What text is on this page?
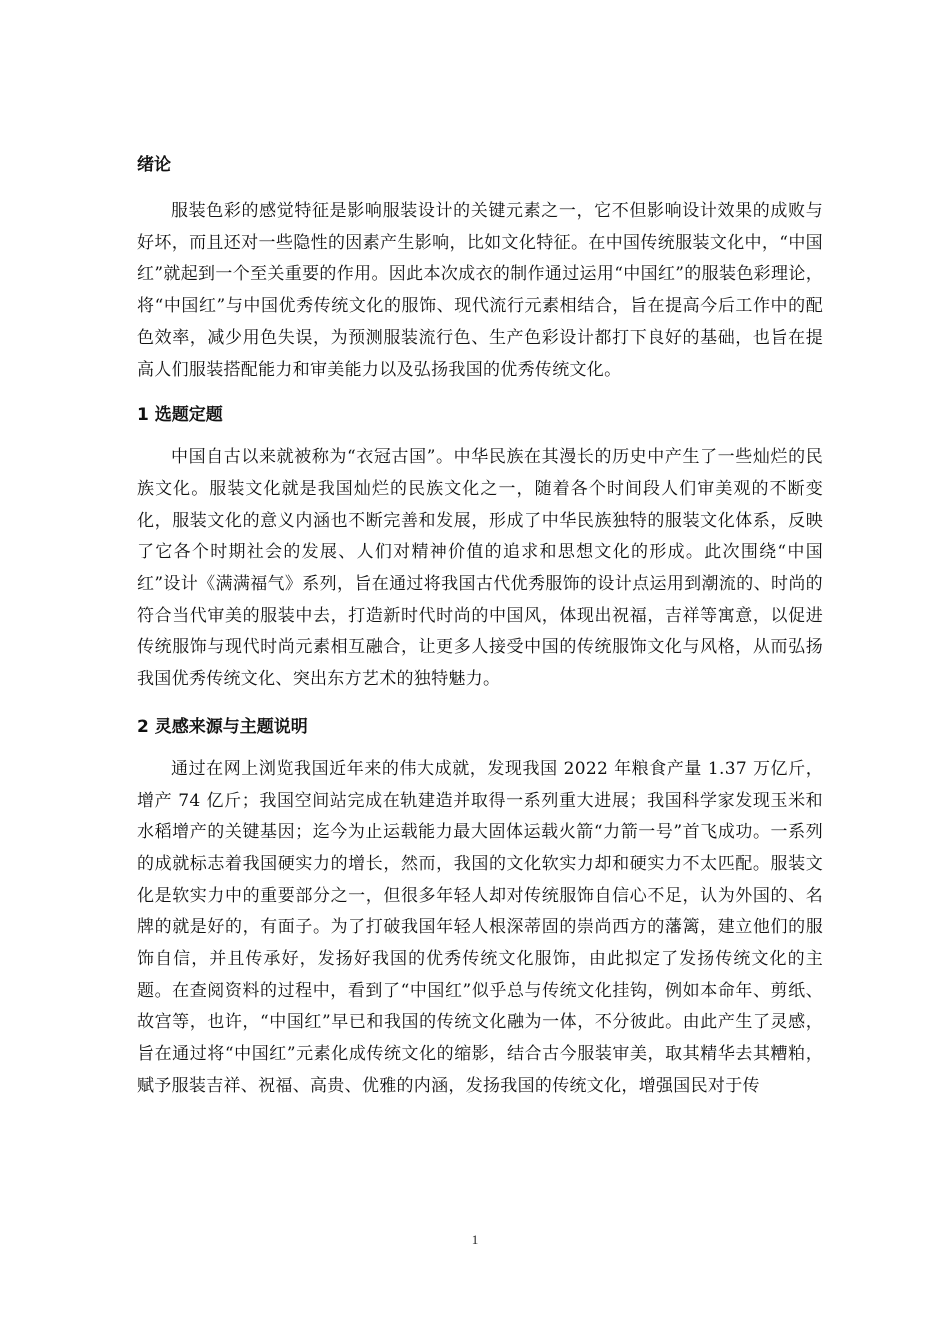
绪论

服装色彩的感觉特征是影响服装设计的关键元素之一，它不但影响设计效果的成败与好坏，而且还对一些隐性的因素产生影响，比如文化特征。在中国传统服装文化中，“中国红”就起到一个至关重要的作用。因此本次成衣的制作通过运用“中国红”的服装色彩理论，将“中国红”与中国优秀传统文化的服饰、现代流行元素相结合，旨在提高今后工作中的配色效率，减少用色失误，为预测服装流行色、生产色彩设计都打下良好的基础，也旨在提高人们服装搭配能力和审美能力以及弘扬我国的优秀传统文化。

1 选题定题

中国自古以来就被称为“衣冠古国”。中华民族在其漫长的历史中产生了一些灿烂的民族文化。服装文化就是我国灿烂的民族文化之一，随着各个时间段人们审美观的不断变化，服装文化的意义内涵也不断完善和发展，形成了中华民族独特的服装文化体系，反映了它各个时期社会的发展、人们对精神价值的追求和思想文化的形成。此次围绕“中国红”设计《满满福气》系列，旨在通过将我国古代优秀服饰的设计点运用到潮流的、时尚的符合当代审美的服装中去，打造新时代时尚的中国风，体现出祝福，吉祥等寓意，以促进传统服饰与现代时尚元素相互融合，让更多人接受中国的传统服饰文化与风格，从而弘扬我国优秀传统文化、突出东方艺术的独特魅力。

2 灵感来源与主题说明

通过在网上浏览我国近年来的伟大成就，发现我国 2022 年粮食产量 1.37 万亿斤，增产 74 亿斤；我国空间站完成在轨建造并取得一系列重大进展；我国科学家发现玉米和水稻增产的关键基因；迄今为止运载能力最大固体运载火箭“力箭一号”首飞成功。一系列的成就标志着我国硬实力的增长，然而，我国的文化软实力却和硬实力不太匹配。服装文化是软实力中的重要部分之一，但很多年轻人却对传统服饰自信心不足，认为外国的、名牌的就是好的，有面子。为了打破我国年轻人根深蒂固的崇尚西方的藩篱，建立他们的服饰自信，并且传承好，发扬好我国的优秀传统文化服饰，由此拟定了发扬传统文化的主题。在查阅资料的过程中，看到了“中国红”似乎总与传统文化挂钩，例如本命年、剪纸、故宫等，也许，“中国红”早已和我国的传统文化融为一体，不分彼此。由此产生了灵感，旨在通过将“中国红”元素化成传统文化的缩影，结合古今服装审美，取其精华去其糟粕，赋予服装吉祥、祝福、高贵、优雅的内涵，发扬我国的传统文化，增强国民对于传

1
